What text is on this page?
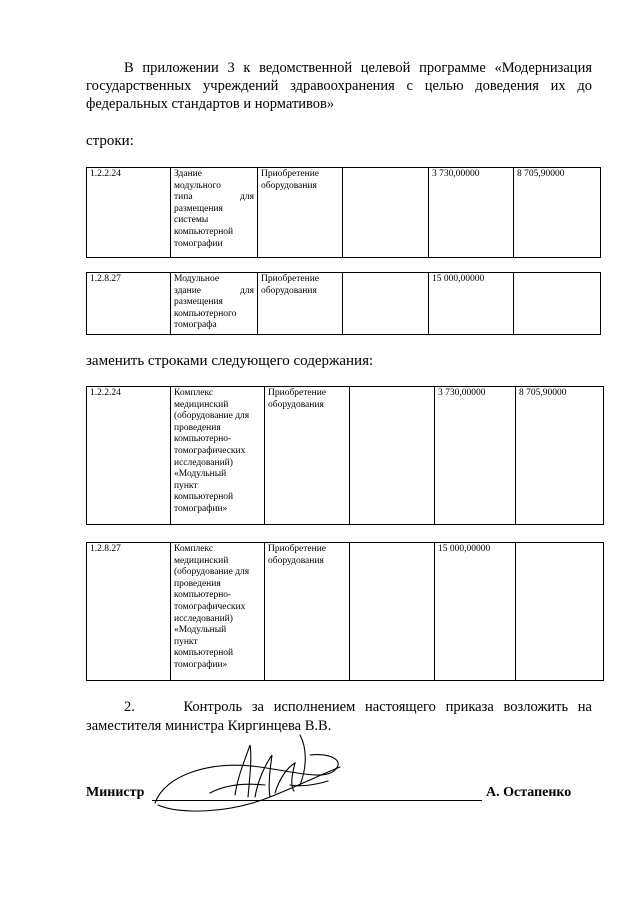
В приложении 3 к ведомственной целевой программе «Модернизация государственных учреждений здравоохранения с целью доведения их до федеральных стандартов и нормативов»

строки:

1.2.2.24	Здание
модульного

типа для
размещения
системы
компьютерной
томографии	Приобретение
оборудования		3 730,00000	8 705,90000
1.2.8.27	Модульное

здание для
размещения
компьютерного
томографа	Приобретение
оборудования		15 000,00000	

заменить строками следующего содержания:

1.2.2.24	Комплекс
медицинский
(оборудование для
проведения
компьютерно-
томографических
исследований)
«Модульный
пункт
компьютерной
томографии»	Приобретение
оборудования		3 730,00000	8 705,90000
1.2.8.27	Комплекс
медицинский
(оборудование для
проведения
компьютерно-
томографических
исследований)
«Модульный
пункт
компьютерной
томографии»	Приобретение
оборудования		15 000,00000	

2.     Контроль за исполнением настоящего приказа возложить на заместителя министра Киргинцева В.В.

Министр	А. Остапенко
